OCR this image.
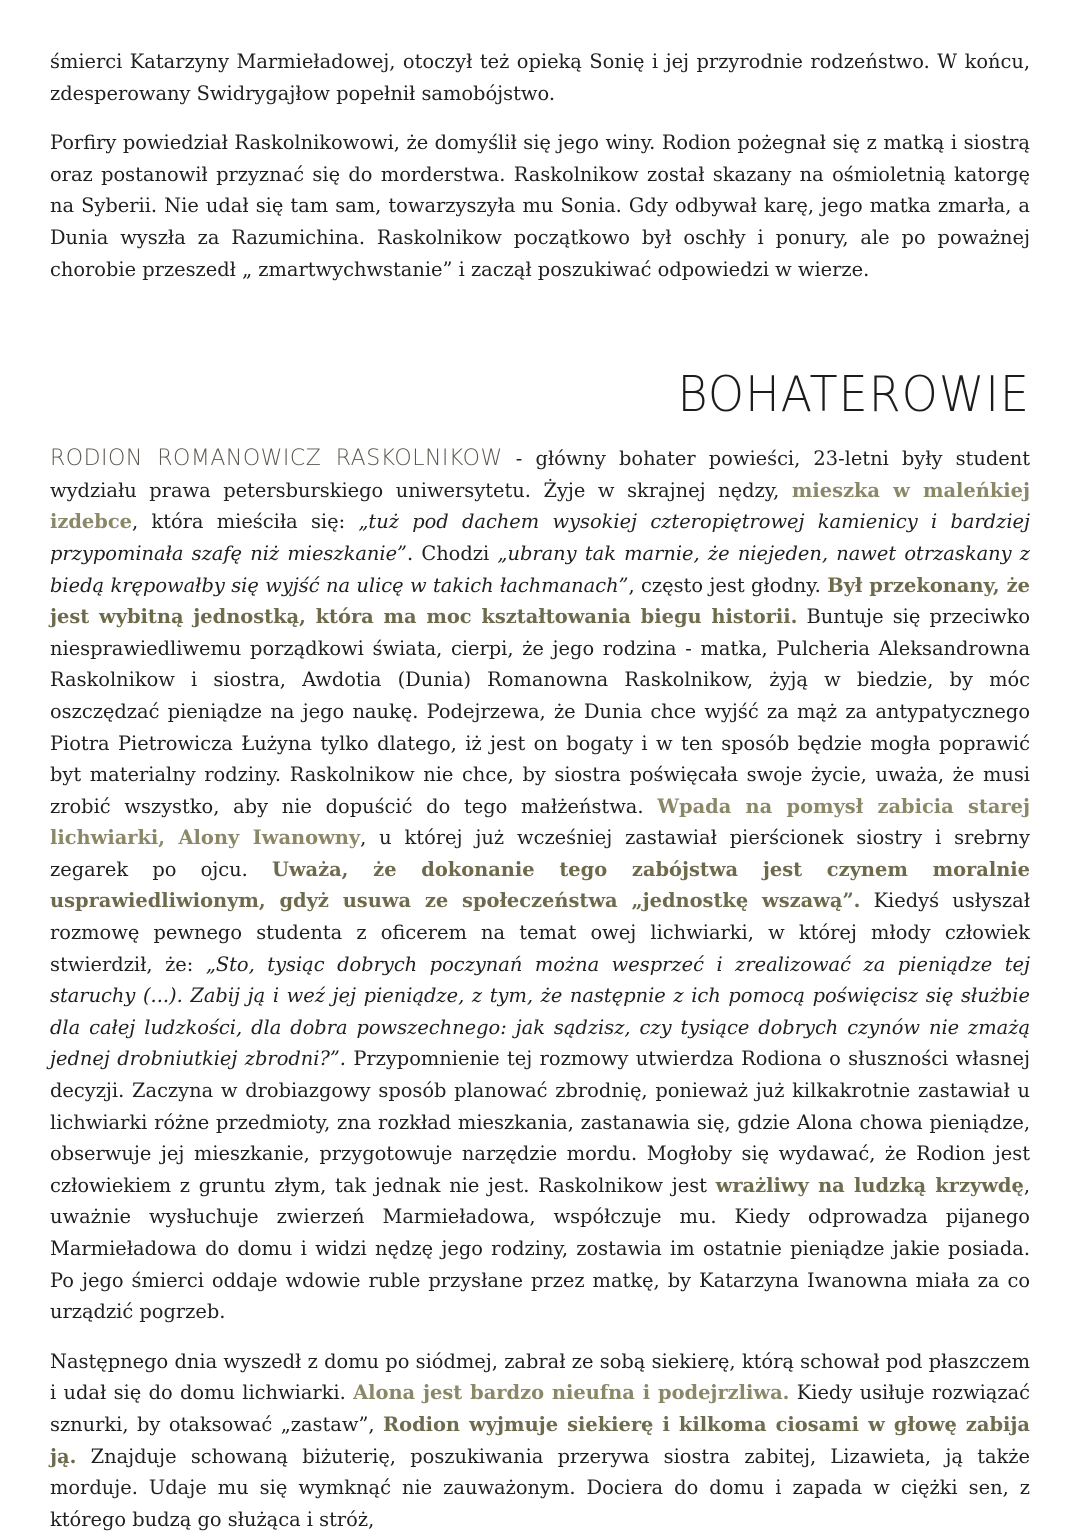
śmierci Katarzyny Marmieładowej, otoczył też opieką Sonię i jej przyrodnie rodzeństwo. W końcu, zdesperowany Swidrygajłow popełnił samobójstwo.

Porfiry powiedział Raskolnikowowi, że domyślił się jego winy. Rodion pożegnał się z matką i siostrą oraz postanowił przyznać się do morderstwa. Raskolnikow został skazany na ośmioletnią katorgę na Syberii. Nie udał się tam sam, towarzyszyła mu Sonia. Gdy odbywał karę, jego matka zmarła, a Dunia wyszła za Razumichina. Raskolnikow początkowo był oschły i ponury, ale po poważnej chorobie przeszedł „ zmartwychwstanie” i zaczął poszukiwać odpowiedzi w wierze.

BOHATEROWIE

RODION ROMANOWICZ RASKOLNIKOW - główny bohater powieści, 23-letni były student wydziału prawa petersburskiego uniwersytetu. Żyje w skrajnej nędzy, mieszka w maleńkiej izdebce, która mieściła się: „tuż pod dachem wysokiej czteropiętrowej kamienicy i bardziej przypominała szafę niż mieszkanie”. Chodzi „ubrany tak marnie, że niejeden, nawet otrzaskany z biedą krępowałby się wyjść na ulicę w takich łachmanach”, często jest głodny. Był przekonany, że jest wybitną jednostką, która ma moc kształtowania biegu historii. Buntuje się przeciwko niesprawiedliwemu porządkowi świata, cierpi, że jego rodzina - matka, Pulcheria Aleksandrowna Raskolnikow i siostra, Awdotia (Dunia) Romanowna Raskolnikow, żyją w biedzie, by móc oszczędzać pieniądze na jego naukę. Podejrzewa, że Dunia chce wyjść za mąż za antypatycznego Piotra Pietrowicza Łużyna tylko dlatego, iż jest on bogaty i w ten sposób będzie mogła poprawić byt materialny rodziny. Raskolnikow nie chce, by siostra poświęcała swoje życie, uważa, że musi zrobić wszystko, aby nie dopuścić do tego małżeństwa. Wpada na pomysł zabicia starej lichwiarki, Alony Iwanowny, u której już wcześniej zastawiał pierścionek siostry i srebrny zegarek po ojcu. Uważa, że dokonanie tego zabójstwa jest czynem moralnie usprawiedliwionym, gdyż usuwa ze społeczeństwa „jednostkę wszawą”. Kiedyś usłyszał rozmowę pewnego studenta z oficerem na temat owej lichwiarki, w której młody człowiek stwierdził, że: „Sto, tysiąc dobrych poczynań można wesprzeć i zrealizować za pieniądze tej staruchy (...). Zabij ją i weź jej pieniądze, z tym, że następnie z ich pomocą poświęcisz się służbie dla całej ludzkości, dla dobra powszechnego: jak sądzisz, czy tysiące dobrych czynów nie zmażą jednej drobniutkiej zbrodni?”. Przypomnienie tej rozmowy utwierdza Rodiona o słuszności własnej decyzji. Zaczyna w drobiazgowy sposób planować zbrodnię, ponieważ już kilkakrotnie zastawiał u lichwiarki różne przedmioty, zna rozkład mieszkania, zastanawia się, gdzie Alona chowa pieniądze, obserwuje jej mieszkanie, przygotowuje narzędzie mordu. Mogłoby się wydawać, że Rodion jest człowiekiem z gruntu złym, tak jednak nie jest. Raskolnikow jest wrażliwy na ludzką krzywdę, uważnie wysłuchuje zwierzeń Marmieładowa, współczuje mu. Kiedy odprowadza pijanego Marmieładowa do domu i widzi nędzę jego rodziny, zostawia im ostatnie pieniądze jakie posiada. Po jego śmierci oddaje wdowie ruble przysłane przez matkę, by Katarzyna Iwanowna miała za co urządzić pogrzeb.

Następnego dnia wyszedł z domu po siódmej, zabrał ze sobą siekierę, którą schował pod płaszczem i udał się do domu lichwiarki. Alona jest bardzo nieufna i podejrzliwa. Kiedy usiłuje rozwiązać sznurki, by otaksować „zastaw”, Rodion wyjmuje siekierę i kilkoma ciosami w głowę zabija ją. Znajduje schowaną biżuterię, poszukiwania przerywa siostra zabitej, Lizawieta, ją także morduje. Udaje mu się wymknąć nie zauważonym. Dociera do domu i zapada w ciężki sen, z którego budzą go służąca i stróż,
